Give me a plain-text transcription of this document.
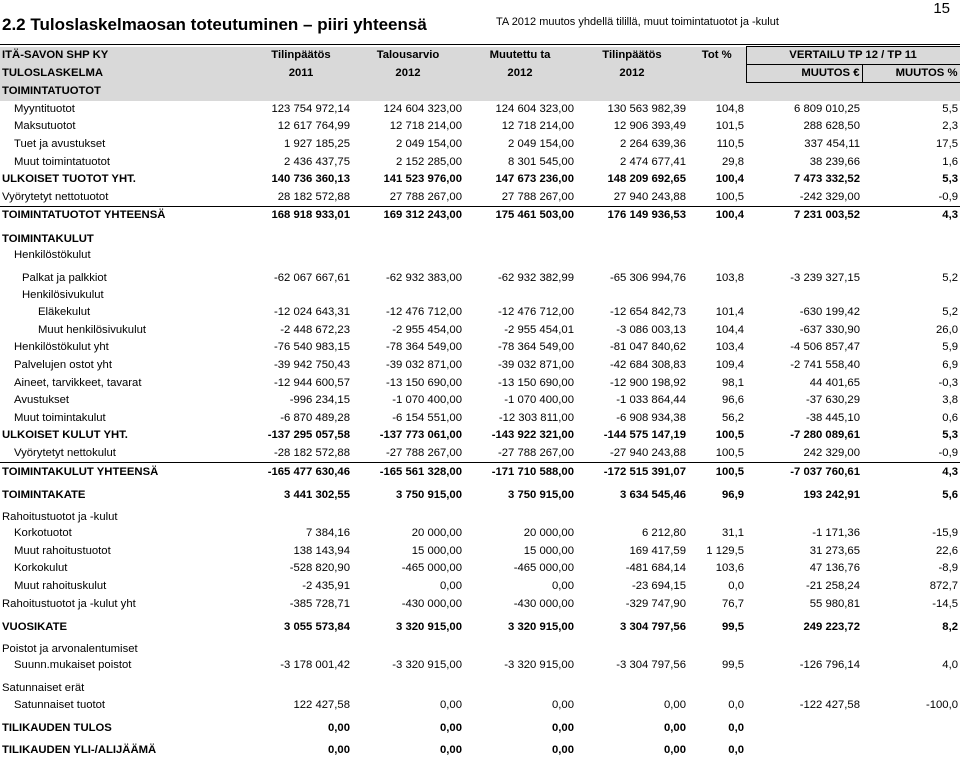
15
2.2 Tuloslaskelmaosan toteutuminen – piiri yhteensä	TA 2012 muutos yhdellä tilillä, muut toimintatuotot ja -kulut
ITÄ-SAVON SHP KY	Tilinpäätös	Talousarvio	Muutettu ta	Tilinpäätös	Tot %	VERTAILU TP 12 / TP 11	
TULOSLASKELMA	2011	2012	2012	2012		MUUTOS €	MUUTOS %
TOIMINTATUOTOT							
Myyntituotot	123 754 972,14	124 604 323,00	124 604 323,00	130 563 982,39	104,8	6 809 010,25	5,5
Maksutuotot	12 617 764,99	12 718 214,00	12 718 214,00	12 906 393,49	101,5	288 628,50	2,3
Tuet ja avustukset	1 927 185,25	2 049 154,00	2 049 154,00	2 264 639,36	110,5	337 454,11	17,5
Muut toimintatuotot	2 436 437,75	2 152 285,00	8 301 545,00	2 474 677,41	29,8	38 239,66	1,6
ULKOISET TUOTOT YHT.	140 736 360,13	141 523 976,00	147 673 236,00	148 209 692,65	100,4	7 473 332,52	5,3
Vyörytetyt nettotuotot	28 182 572,88	27 788 267,00	27 788 267,00	27 940 243,88	100,5	-242 329,00	-0,9
TOIMINTATUOTOT YHTEENSÄ	168 918 933,01	169 312 243,00	175 461 503,00	176 149 936,53	100,4	7 231 003,52	4,3
TOIMINTAKULUT							
Henkilöstökulut							
Palkat ja palkkiot	-62 067 667,61	-62 932 383,00	-62 932 382,99	-65 306 994,76	103,8	-3 239 327,15	5,2
Henkilösivukulut							
Eläkekulut	-12 024 643,31	-12 476 712,00	-12 476 712,00	-12 654 842,73	101,4	-630 199,42	5,2
Muut henkilösivukulut	-2 448 672,23	-2 955 454,00	-2 955 454,01	-3 086 003,13	104,4	-637 330,90	26,0
Henkilöstökulut yht	-76 540 983,15	-78 364 549,00	-78 364 549,00	-81 047 840,62	103,4	-4 506 857,47	5,9
Palvelujen ostot yht	-39 942 750,43	-39 032 871,00	-39 032 871,00	-42 684 308,83	109,4	-2 741 558,40	6,9
Aineet, tarvikkeet, tavarat	-12 944 600,57	-13 150 690,00	-13 150 690,00	-12 900 198,92	98,1	44 401,65	-0,3
Avustukset	-996 234,15	-1 070 400,00	-1 070 400,00	-1 033 864,44	96,6	-37 630,29	3,8
Muut toimintakulut	-6 870 489,28	-6 154 551,00	-12 303 811,00	-6 908 934,38	56,2	-38 445,10	0,6
ULKOISET KULUT YHT.	-137 295 057,58	-137 773 061,00	-143 922 321,00	-144 575 147,19	100,5	-7 280 089,61	5,3
Vyörytetyt nettokulut	-28 182 572,88	-27 788 267,00	-27 788 267,00	-27 940 243,88	100,5	242 329,00	-0,9
TOIMINTAKULUT YHTEENSÄ	-165 477 630,46	-165 561 328,00	-171 710 588,00	-172 515 391,07	100,5	-7 037 760,61	4,3
TOIMINTAKATE	3 441 302,55	3 750 915,00	3 750 915,00	3 634 545,46	96,9	193 242,91	5,6
Rahoitustuotot ja -kulut							
Korkotuotot	7 384,16	20 000,00	20 000,00	6 212,80	31,1	-1 171,36	-15,9
Muut rahoitustuotot	138 143,94	15 000,00	15 000,00	169 417,59	1 129,5	31 273,65	22,6
Korkokulut	-528 820,90	-465 000,00	-465 000,00	-481 684,14	103,6	47 136,76	-8,9
Muut rahoituskulut	-2 435,91	0,00	0,00	-23 694,15	0,0	-21 258,24	872,7
Rahoitustuotot ja -kulut yht	-385 728,71	-430 000,00	-430 000,00	-329 747,90	76,7	55 980,81	-14,5
VUOSIKATE	3 055 573,84	3 320 915,00	3 320 915,00	3 304 797,56	99,5	249 223,72	8,2
Poistot ja arvonalentumiset							
Suunn.mukaiset poistot	-3 178 001,42	-3 320 915,00	-3 320 915,00	-3 304 797,56	99,5	-126 796,14	4,0
Satunnaiset erät							
Satunnaiset tuotot	122 427,58	0,00	0,00	0,00	0,0	-122 427,58	-100,0
TILIKAUDEN TULOS	0,00	0,00	0,00	0,00	0,0		
TILIKAUDEN YLI-/ALIJÄÄMÄ	0,00	0,00	0,00	0,00	0,0		
